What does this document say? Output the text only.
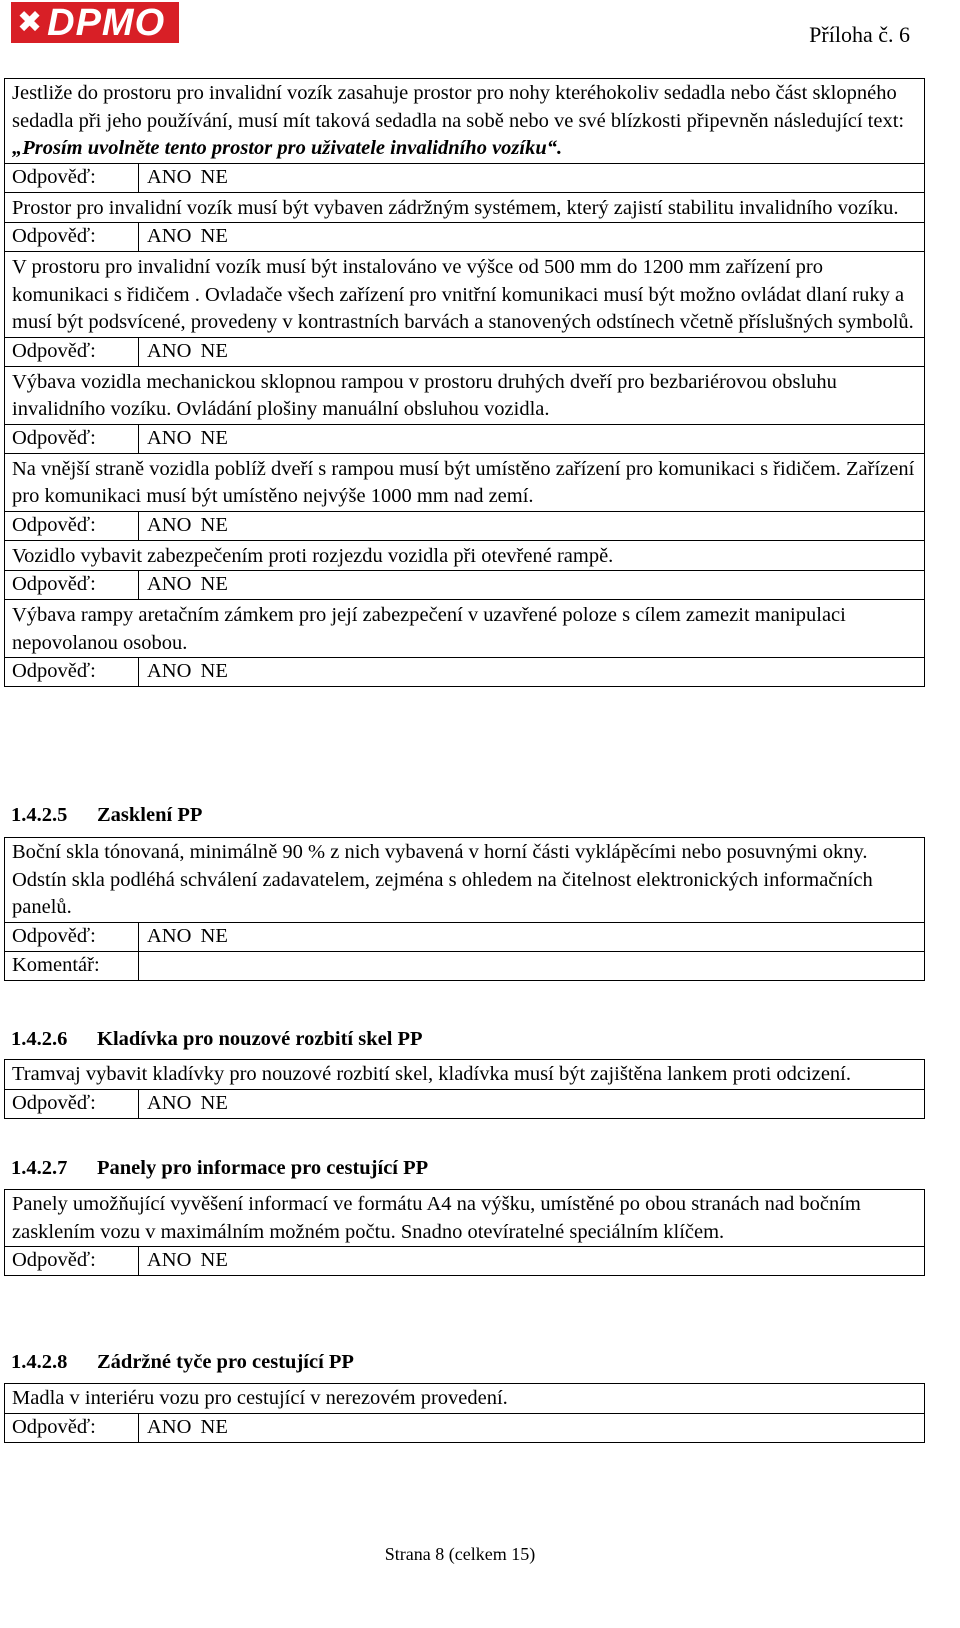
✖ DPMO	Příloha č. 6
Jestliže do prostoru pro invalidní vozík zasahuje prostor pro nohy kteréhokoliv sedadla nebo část sklopného sedadla při jeho používání, musí mít taková sedadla na sobě nebo ve své blízkosti připevněn následující text: „Prosím uvolněte tento prostor pro uživatele invalidního vozíku“.
Odpověď:	ANO NE
Prostor pro invalidní vozík musí být vybaven zádržným systémem, který zajistí stabilitu invalidního vozíku.
Odpověď:	ANO NE
V prostoru pro invalidní vozík musí být instalováno ve výšce od 500 mm do 1200 mm zařízení pro komunikaci s řidičem . Ovladače všech zařízení pro vnitřní komunikaci musí být možno ovládat dlaní ruky a musí být podsvícené, provedeny v kontrastních barvách a stanovených odstínech včetně příslušných symbolů.
Odpověď:	ANO NE
Výbava vozidla mechanickou sklopnou rampou v prostoru druhých dveří pro bezbariérovou obsluhu invalidního vozíku. Ovládání plošiny manuální obsluhou vozidla.
Odpověď:	ANO NE
Na vnější straně vozidla poblíž dveří s rampou musí být umístěno zařízení pro komunikaci s řidičem. Zařízení pro komunikaci musí být umístěno nejvýše 1000 mm nad zemí.
Odpověď:	ANO NE
Vozidlo vybavit zabezpečením proti rozjezdu vozidla při otevřené rampě.
Odpověď:	ANO NE
Výbava rampy aretačním zámkem pro její zabezpečení v uzavřené poloze s cílem zamezit manipulaci nepovolanou osobou.
Odpověď:	ANO NE
1.4.2.5 Zasklení PP
Boční skla tónovaná, minimálně 90 % z nich vybavená v horní části vyklápěcími nebo posuvnými okny. Odstín skla podléhá schválení zadavatelem, zejména s ohledem na čitelnost elektronických informačních panelů.
Odpověď:	ANO NE
Komentář:
1.4.2.6 Kladívka pro nouzové rozbití skel PP
Tramvaj vybavit kladívky pro nouzové rozbití skel, kladívka musí být zajištěna lankem proti odcizení.
Odpověď:	ANO NE
1.4.2.7 Panely pro informace pro cestující PP
Panely umožňující vyvěšení informací ve formátu A4 na výšku, umístěné po obou stranách nad bočním zasklením vozu v maximálním možném počtu. Snadno otevíratelné speciálním klíčem.
Odpověď:	ANO NE
1.4.2.8 Zádržné tyče pro cestující PP
Madla v interiéru vozu pro cestující v nerezovém provedení.
Odpověď:	ANO NE
Strana 8 (celkem 15)
